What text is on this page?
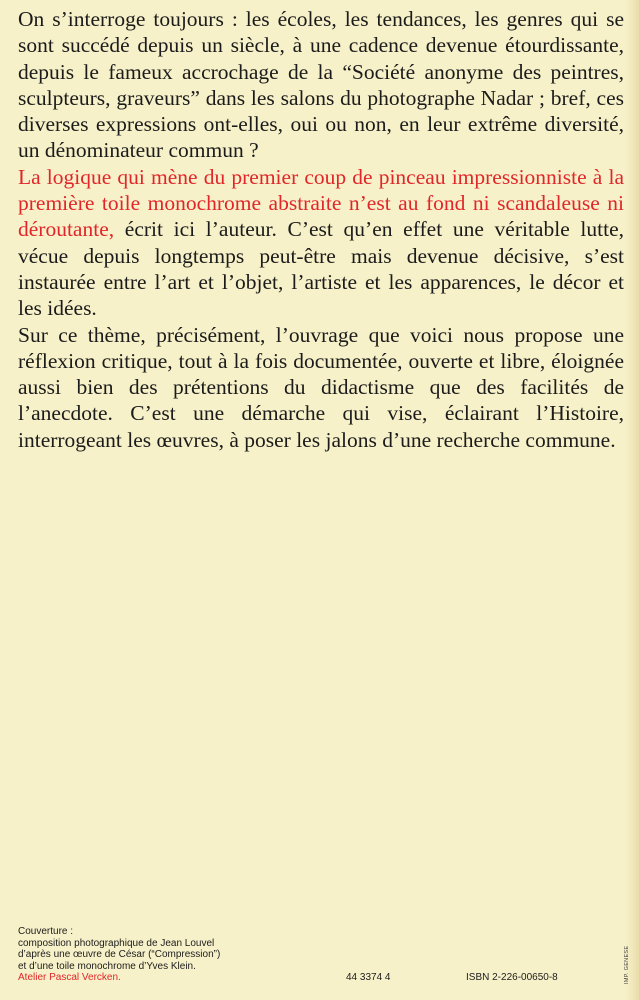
On s’interroge toujours : les écoles, les tendances, les genres qui se sont succédé depuis un siècle, à une cadence devenue étourdissante, depuis le fameux accrochage de la “Société anonyme des peintres, sculpteurs, graveurs” dans les salons du photographe Nadar ; bref, ces diverses expressions ont-elles, oui ou non, en leur extrême diversité, un dénominateur commun ?

La logique qui mène du premier coup de pinceau impressionniste à la première toile monochrome abstraite n’est au fond ni scandaleuse ni déroutante, écrit ici l’auteur. C’est qu’en effet une véritable lutte, vécue depuis longtemps peut-être mais devenue décisive, s’est instaurée entre l’art et l’objet, l’artiste et les apparences, le décor et les idées.

Sur ce thème, précisément, l’ouvrage que voici nous propose une réflexion critique, tout à la fois documentée, ouverte et libre, éloignée aussi bien des prétentions du didactisme que des facilités de l’anecdote. C’est une démarche qui vise, éclairant l’Histoire, interrogeant les œuvres, à poser les jalons d’une recherche commune.

Couverture :
composition photographique de Jean Louvel
d’après une œuvre de César (“Compression”)
et d’une toile monochrome d’Yves Klein.
Atelier Pascal Vercken.	44 3374 4	ISBN 2-226-00650-8	IMP. GENESE
